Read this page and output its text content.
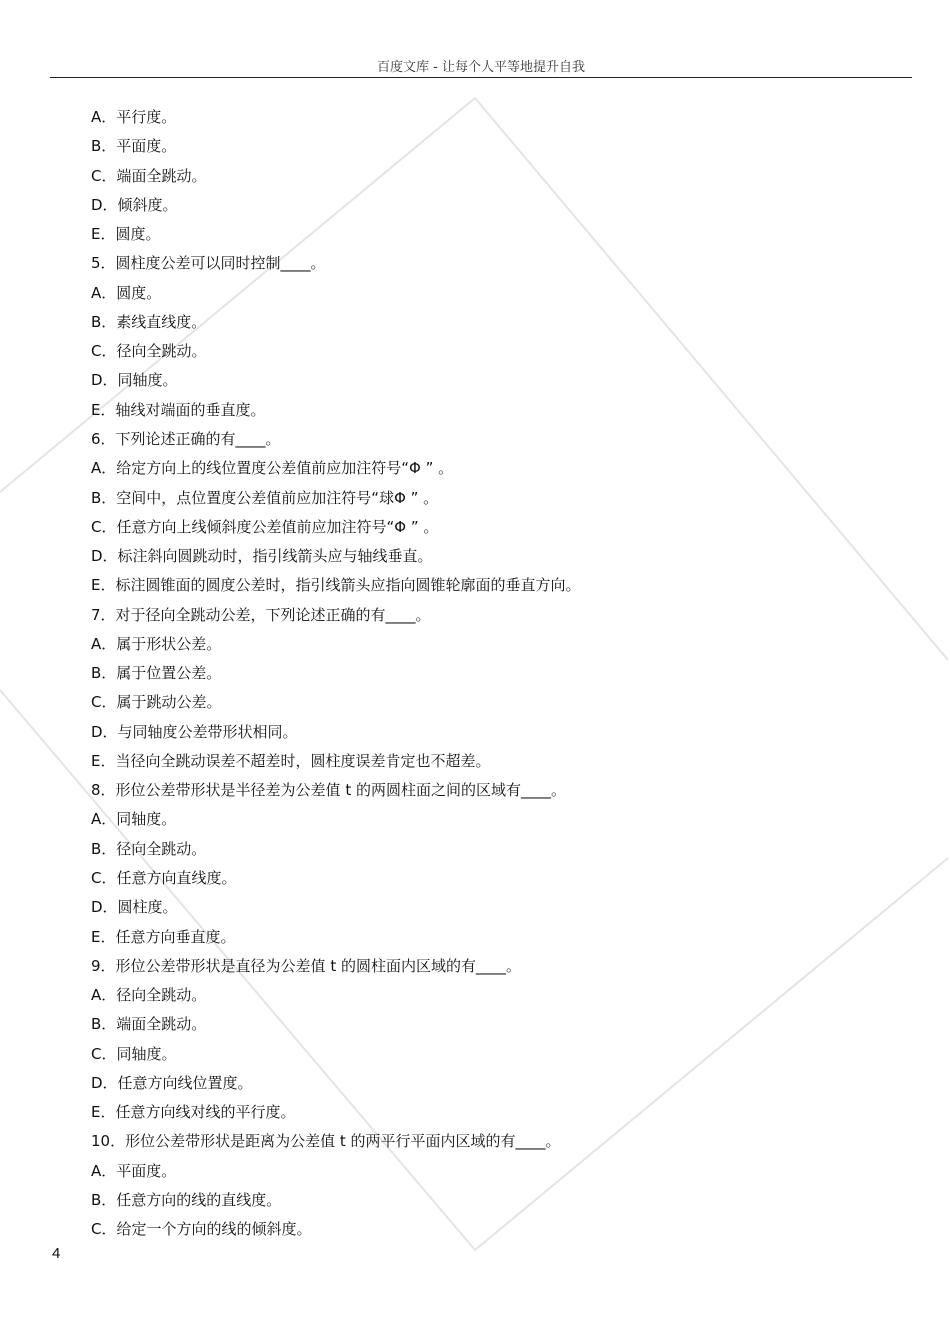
百度文库 - 让每个人平等地提升自我
A．平行度。
B．平面度。
C．端面全跳动。
D．倾斜度。
E．圆度。
5．圆柱度公差可以同时控制____。
A．圆度。
B．素线直线度。
C．径向全跳动。
D．同轴度。
E．轴线对端面的垂直度。
6．下列论述正确的有____。
A．给定方向上的线位置度公差值前应加注符号“Φ ” 。
B．空间中，点位置度公差值前应加注符号“球Φ ” 。
C．任意方向上线倾斜度公差值前应加注符号“Φ ” 。
D．标注斜向圆跳动时，指引线箭头应与轴线垂直。
E．标注圆锥面的圆度公差时，指引线箭头应指向圆锥轮廓面的垂直方向。
7．对于径向全跳动公差，下列论述正确的有____。
A．属于形状公差。
B．属于位置公差。
C．属于跳动公差。
D．与同轴度公差带形状相同。
E．当径向全跳动误差不超差时，圆柱度误差肯定也不超差。
8．形位公差带形状是半径差为公差值 t 的两圆柱面之间的区域有____。
A．同轴度。
B．径向全跳动。
C．任意方向直线度。
D．圆柱度。
E．任意方向垂直度。
9．形位公差带形状是直径为公差值 t 的圆柱面内区域的有____。
A．径向全跳动。
B．端面全跳动。
C．同轴度。
D．任意方向线位置度。
E．任意方向线对线的平行度。
10．形位公差带形状是距离为公差值 t 的两平行平面内区域的有____。
A．平面度。
B．任意方向的线的直线度。
C．给定一个方向的线的倾斜度。
4
